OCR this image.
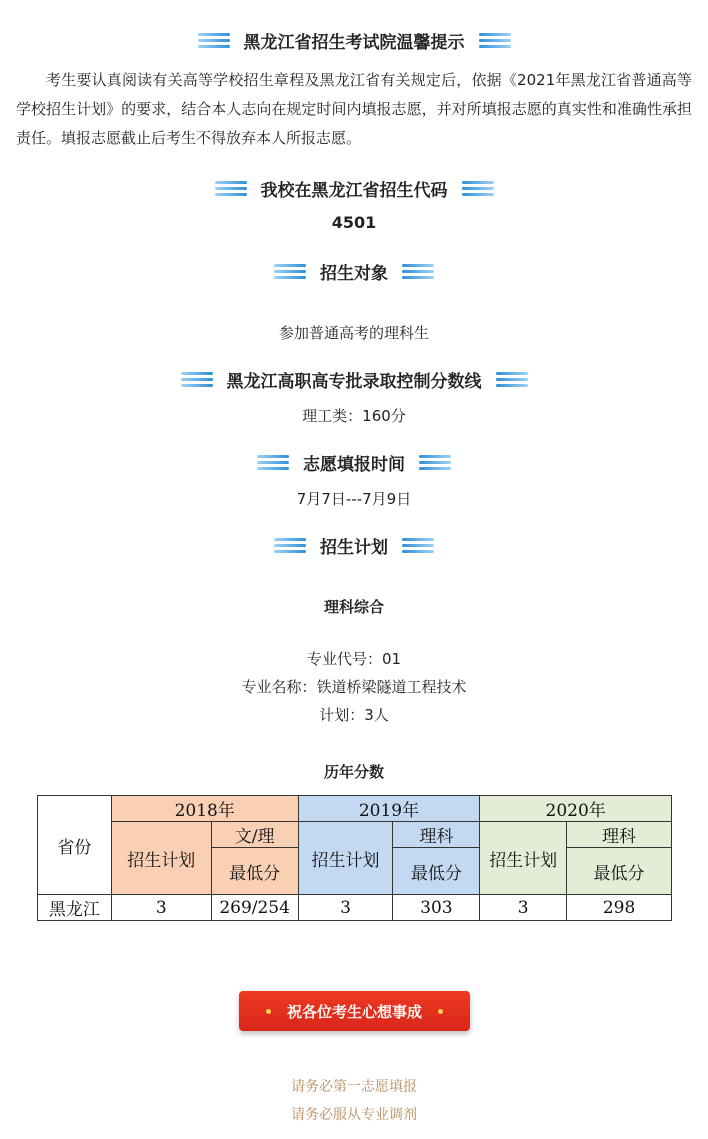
黑龙江省招生考试院温馨提示
考生要认真阅读有关高等学校招生章程及黑龙江省有关规定后，依据《2021年黑龙江省普通高等学校招生计划》的要求，结合本人志向在规定时间内填报志愿，并对所填报志愿的真实性和准确性承担责任。填报志愿截止后考生不得放弃本人所报志愿。
我校在黑龙江省招生代码
4501
招生对象
参加普通高考的理科生
黑龙江高职高专批录取控制分数线
理工类：160分
志愿填报时间
7月7日---7月9日
招生计划
理科综合
专业代号：01
专业名称：铁道桥梁隧道工程技术
计划：3人
历年分数
省份	2018年		2019年		2020年	
	招生计划	文/理	招生计划	理科	招生计划	理科
		最低分		最低分		最低分
黑龙江	3	269/254	3	303	3	298
祝各位考生心想事成
请务必第一志愿填报
请务必服从专业调剂
